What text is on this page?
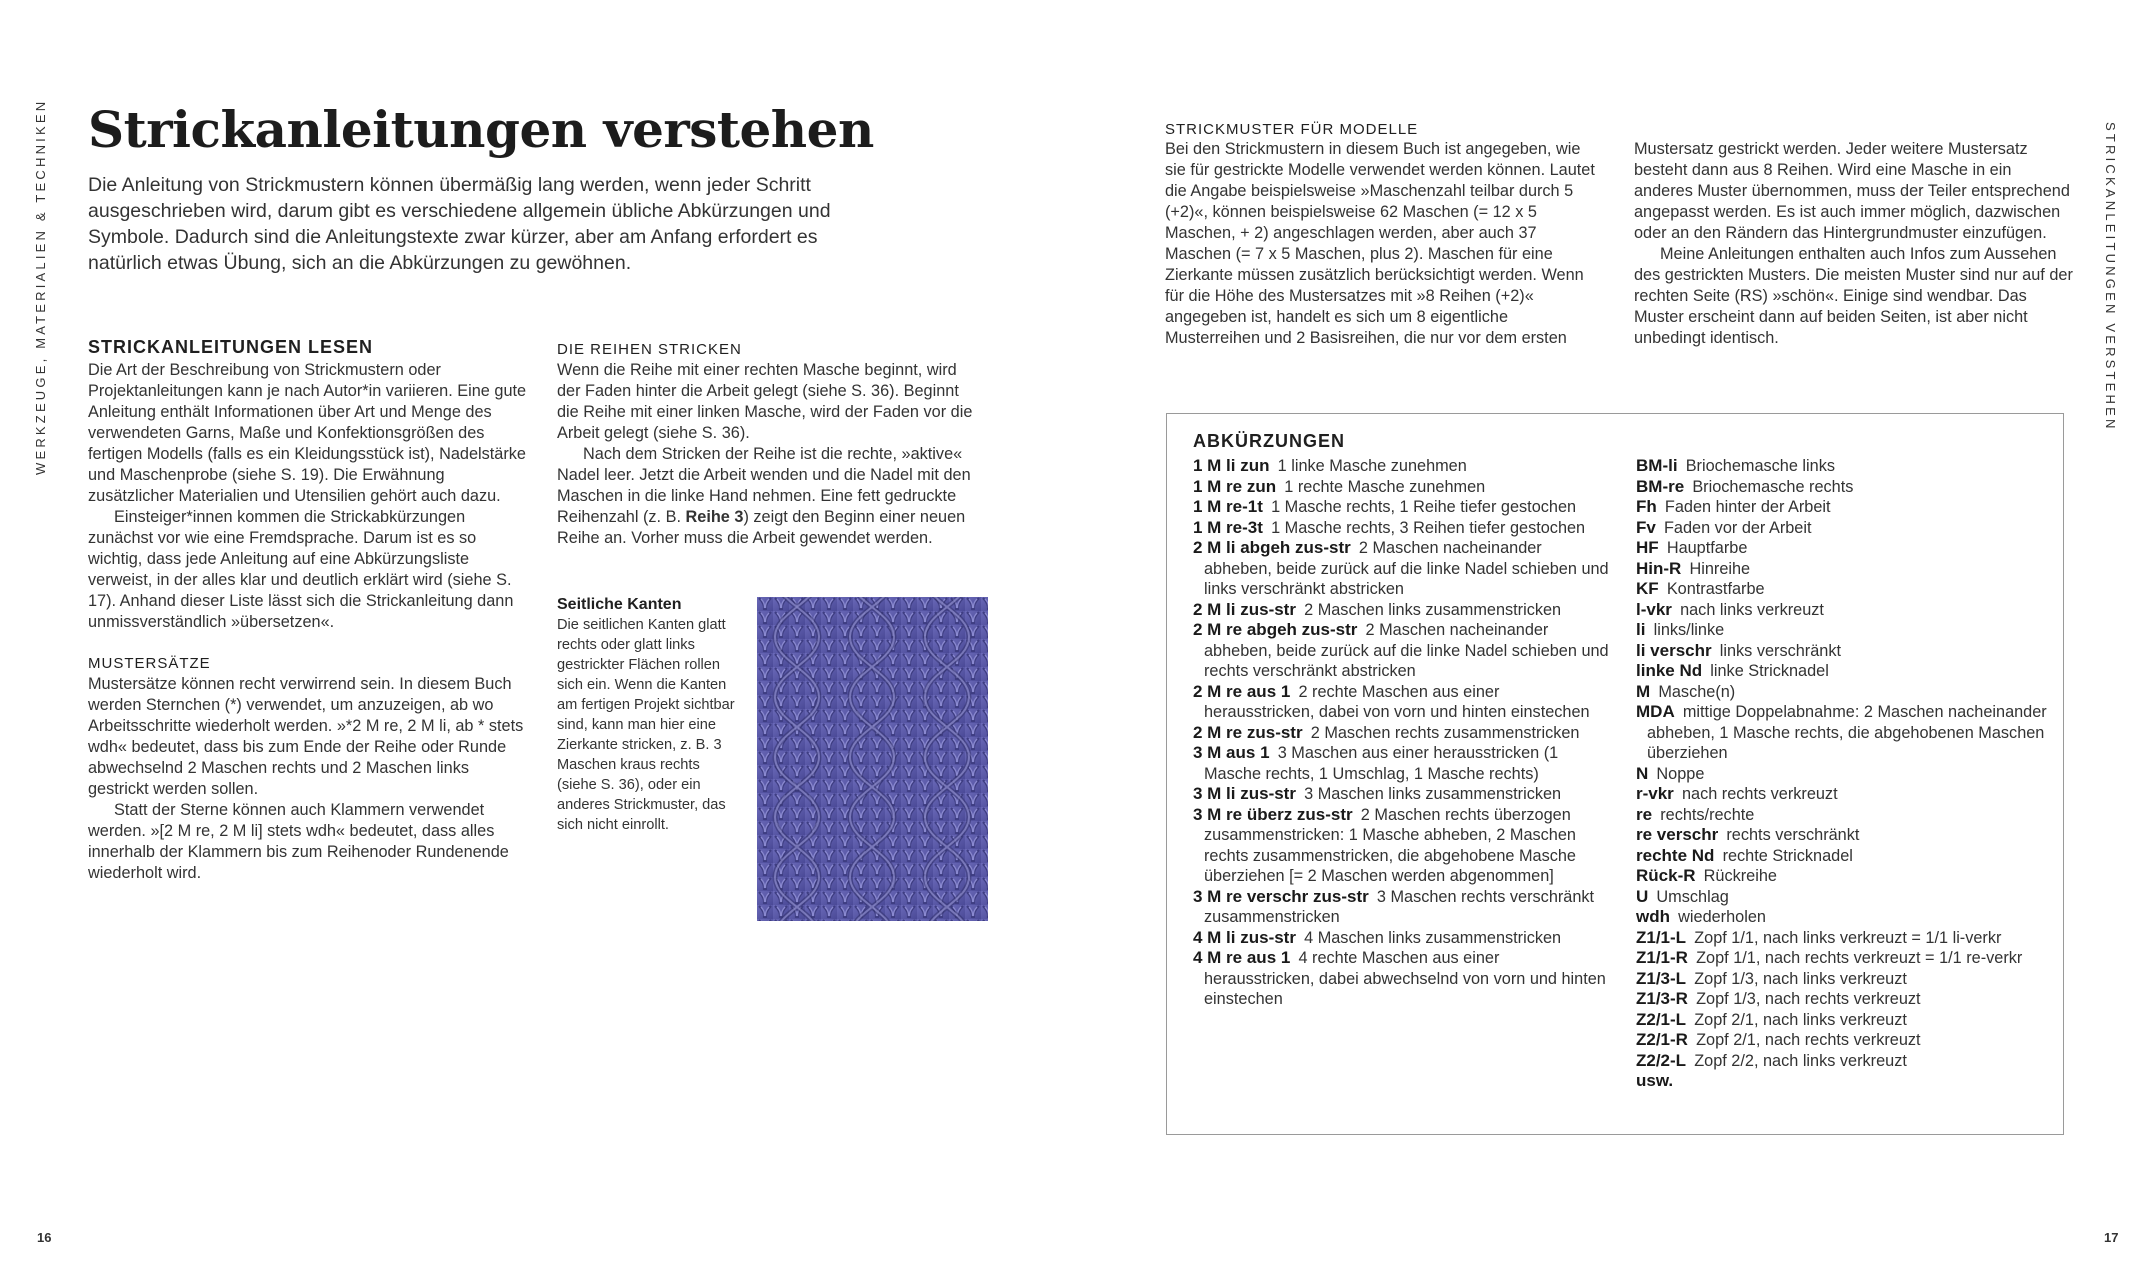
WERKZEUGE, MATERIALIEN & TECHNIKEN	STRICKANLEITUNGEN VERSTEHEN
Strickanleitungen verstehen

Die Anleitung von Strickmustern können übermäßig lang werden, wenn jeder Schritt ausgeschrieben wird, darum gibt es verschiedene allgemein übliche Abkürzungen und Symbole. Dadurch sind die Anleitungstexte zwar kürzer, aber am Anfang erfordert es natürlich etwas Übung, sich an die Abkürzungen zu gewöhnen.

STRICKANLEITUNGEN LESEN

Die Art der Beschreibung von Strickmustern oder Projektanleitungen kann je nach Autor*in variieren. Eine gute Anleitung enthält Informationen über Art und Menge des verwendeten Garns, Maße und Konfektionsgrößen des fertigen Modells (falls es ein Kleidungsstück ist), Nadelstärke und Maschenprobe (siehe S. 19). Die Erwähnung zusätzlicher Materialien und Utensilien gehört auch dazu.

Einsteiger*innen kommen die Strickabkürzungen zunächst vor wie eine Fremdsprache. Darum ist es so wichtig, dass jede Anleitung auf eine Abkürzungsliste verweist, in der alles klar und deutlich erklärt wird (siehe S. 17). Anhand dieser Liste lässt sich die Strickanleitung dann unmissverständlich »übersetzen«.

MUSTERSÄTZE

Mustersätze können recht verwirrend sein. In diesem Buch werden Sternchen (*) verwendet, um anzuzeigen, ab wo Arbeitsschritte wiederholt werden. »*2 M re, 2 M li, ab * stets wdh« bedeutet, dass bis zum Ende der Reihe oder Runde abwechselnd 2 Maschen rechts und 2 Maschen links gestrickt werden sollen.

Statt der Sterne können auch Klammern verwendet werden. »[2 M re, 2 M li] stets wdh« bedeutet, dass alles innerhalb der Klammern bis zum Reihenoder Rundenende wiederholt wird.

DIE REIHEN STRICKEN

Wenn die Reihe mit einer rechten Masche beginnt, wird der Faden hinter die Arbeit gelegt (siehe S. 36). Beginnt die Reihe mit einer linken Masche, wird der Faden vor die Arbeit gelegt (siehe S. 36).

Nach dem Stricken der Reihe ist die rechte, »aktive« Nadel leer. Jetzt die Arbeit wenden und die Nadel mit den Maschen in die linke Hand nehmen. Eine fett gedruckte Reihenzahl (z. B. Reihe 3) zeigt den Beginn einer neuen Reihe an. Vorher muss die Arbeit gewendet werden.

Seitliche Kanten

Die seitlichen Kanten glatt rechts oder glatt links gestrickter Flächen rollen sich ein. Wenn die Kanten am fertigen Projekt sichtbar sind, kann man hier eine Zierkante stricken, z. B. 3 Maschen kraus rechts (siehe S. 36), oder ein anderes Strickmuster, das sich nicht einrollt.

STRICKMUSTER FÜR MODELLE

Bei den Strickmustern in diesem Buch ist angegeben, wie sie für gestrickte Modelle verwendet werden können. Lautet die Angabe beispielsweise »Maschenzahl teilbar durch 5 (+2)«, können beispielsweise 62 Maschen (= 12 x 5 Maschen, + 2) angeschlagen werden, aber auch 37 Maschen (= 7 x 5 Maschen, plus 2). Maschen für eine Zierkante müssen zusätzlich berücksichtigt werden. Wenn für die Höhe des Mustersatzes mit »8 Reihen (+2)« angegeben ist, handelt es sich um 8 eigentliche Musterreihen und 2 Basisreihen, die nur vor dem ersten Mustersatz gestrickt werden. Jeder weitere Mustersatz besteht dann aus 8 Reihen. Wird eine Masche in ein anderes Muster übernommen, muss der Teiler entsprechend angepasst werden. Es ist auch immer möglich, dazwischen oder an den Rändern das Hintergrundmuster einzufügen.

Meine Anleitungen enthalten auch Infos zum Aussehen des gestrickten Musters. Die meisten Muster sind nur auf der rechten Seite (RS) »schön«. Einige sind wendbar. Das Muster erscheint dann auf beiden Seiten, ist aber nicht unbedingt identisch.

ABKÜRZUNGEN

1 M li zun  1 linke Masche zunehmen

1 M re zun  1 rechte Masche zunehmen

1 M re-1t  1 Masche rechts, 1 Reihe tiefer gestochen

1 M re-3t  1 Masche rechts, 3 Reihen tiefer gestochen

2 M li abgeh zus-str  2 Maschen nacheinander abheben, beide zurück auf die linke Nadel schieben und links verschränkt abstricken

2 M li zus-str  2 Maschen links zusammenstricken

2 M re abgeh zus-str  2 Maschen nacheinander abheben, beide zurück auf die linke Nadel schieben und rechts verschränkt abstricken

2 M re aus 1  2 rechte Maschen aus einer herausstricken, dabei von vorn und hinten einstechen

2 M re zus-str  2 Maschen rechts zusammenstricken

3 M aus 1  3 Maschen aus einer herausstricken (1 Masche rechts, 1 Umschlag, 1 Masche rechts)

3 M li zus-str  3 Maschen links zusammenstricken

3 M re überz zus-str  2 Maschen rechts überzogen zusammenstricken: 1 Masche abheben, 2 Maschen rechts zusammenstricken, die abgehobene Masche überziehen [= 2 Maschen werden abgenommen]

3 M re verschr zus-str  3 Maschen rechts verschränkt zusammenstricken

4 M li zus-str  4 Maschen links zusammenstricken

4 M re aus 1  4 rechte Maschen aus einer herausstricken, dabei abwechselnd von vorn und hinten einstechen

BM-li  Briochemasche links

BM-re  Briochemasche rechts

Fh  Faden hinter der Arbeit

Fv  Faden vor der Arbeit

HF  Hauptfarbe

Hin-R  Hinreihe

KF  Kontrastfarbe

l-vkr  nach links verkreuzt

li  links/linke

li verschr  links verschränkt

linke Nd  linke Stricknadel

M  Masche(n)

MDA  mittige Doppelabnahme: 2 Maschen nacheinander abheben, 1 Masche rechts, die abgehobenen Maschen überziehen

N  Noppe

r-vkr  nach rechts verkreuzt

re  rechts/rechte

re verschr  rechts verschränkt

rechte Nd  rechte Stricknadel

Rück-R  Rückreihe

U  Umschlag

wdh  wiederholen

Z1/1-L  Zopf 1/1, nach links verkreuzt = 1/1 li-verkr

Z1/1-R  Zopf 1/1, nach rechts verkreuzt = 1/1 re-verkr

Z1/3-L  Zopf 1/3, nach links verkreuzt

Z1/3-R  Zopf 1/3, nach rechts verkreuzt

Z2/1-L  Zopf 2/1, nach links verkreuzt

Z2/1-R  Zopf 2/1, nach rechts verkreuzt

Z2/2-L  Zopf 2/2, nach links verkreuzt

usw. 

16	17
